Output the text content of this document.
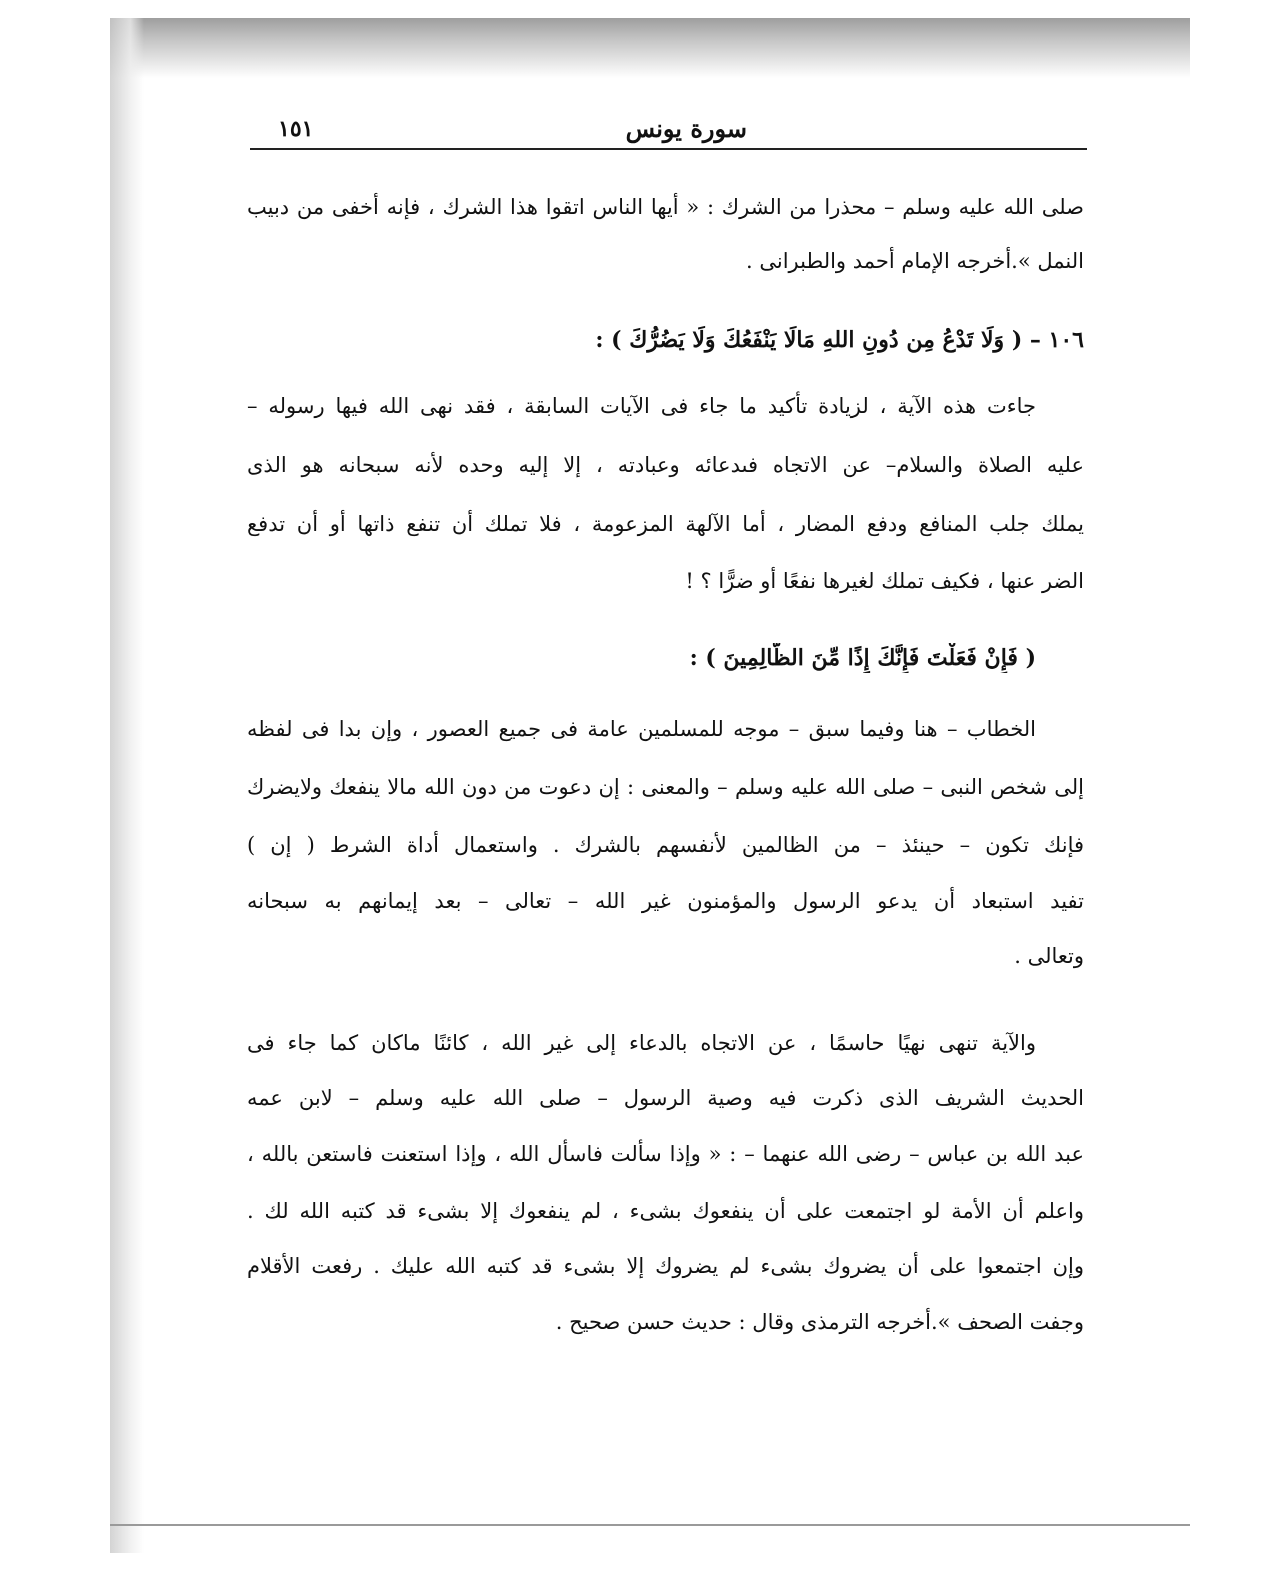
سورة يونس
١٥١
صلى الله عليه وسلم – محذرا من الشرك : « أيها الناس اتقوا هذا الشرك ، فإنه أخفى من دبيب
النمل ».أخرجه الإمام أحمد والطبرانى .
١٠٦ – ( وَلَا تَدْعُ مِن دُونِ اللهِ مَالَا يَنْفَعُكَ وَلَا يَضُرُّكَ ) :
جاءت هذه الآية ، لزيادة تأكيد ما جاء فى الآيات السابقة ، فقد نهى الله فيها رسوله –
عليه الصلاة والسلام– عن الاتجاه فىدعائه وعبادته ، إلا إليه وحده لأنه سبحانه هو الذى
يملك جلب المنافع ودفع المضار ، أما الآلهة المزعومة ، فلا تملك أن تنفع ذاتها أو أن تدفع
الضر عنها ، فكيف تملك لغيرها نفعًا أو ضرًّا ؟ !
( فَإِنْ فَعَلْتَ فَإِنَّكَ إِذًا مِّنَ الظَّالِمِينَ ) :
الخطاب – هنا وفيما سبق – موجه للمسلمين عامة فى جميع العصور ، وإن بدا فى لفظه
إلى شخص النبى – صلى الله عليه وسلم – والمعنى : إن دعوت من دون الله مالا ينفعك ولايضرك
فإنك تكون – حينئذ – من الظالمين لأنفسهم بالشرك . واستعمال أداة الشرط ( إن )
تفيد استبعاد أن يدعو الرسول والمؤمنون غير الله – تعالى – بعد إيمانهم به سبحانه
وتعالى .
والآية تنهى نهيًا حاسمًا ، عن الاتجاه بالدعاء إلى غير الله ، كائنًا ماكان كما جاء فى
الحديث الشريف الذى ذكرت فيه وصية الرسول – صلى الله عليه وسلم – لابن عمه
عبد الله بن عباس – رضى الله عنهما – : « وإذا سألت فاسأل الله ، وإذا استعنت فاستعن بالله ،
واعلم أن الأمة لو اجتمعت على أن ينفعوك بشىء ، لم ينفعوك إلا بشىء قد كتبه الله لك .
وإن اجتمعوا على أن يضروك بشىء لم يضروك إلا بشىء قد كتبه الله عليك . رفعت الأقلام
وجفت الصحف ».أخرجه الترمذى وقال : حديث حسن صحيح .
